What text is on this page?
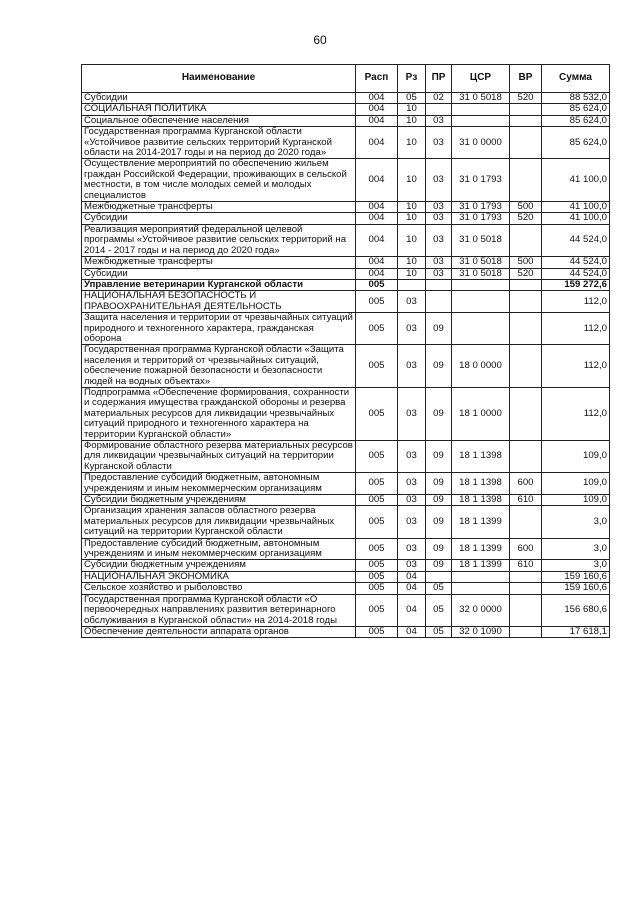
60
Наименование	Расп	Рз	ПР	ЦСР	ВР	Сумма
Субсидии	004	05	02	31 0 5018	520	88 532,0
СОЦИАЛЬНАЯ ПОЛИТИКА	004	10				85 624,0
Социальное обеспечение населения	004	10	03			85 624,0
Государственная программа Курганской области «Устойчивое развитие сельских территорий Курганской области на 2014-2017 годы и на период до 2020 года»	004	10	03	31 0 0000		85 624,0
Осуществление мероприятий по обеспечению жильем граждан Российской Федерации, проживающих в сельской местности, в том числе молодых семей и молодых специалистов	004	10	03	31 0 1793		41 100,0
Межбюджетные трансферты	004	10	03	31 0 1793	500	41 100,0
Субсидии	004	10	03	31 0 1793	520	41 100,0
Реализация мероприятий федеральной целевой программы «Устойчивое развитие сельских территорий на 2014 - 2017 годы и на период до 2020 года»	004	10	03	31 0 5018		44 524,0
Межбюджетные трансферты	004	10	03	31 0 5018	500	44 524,0
Субсидии	004	10	03	31 0 5018	520	44 524,0
Управление ветеринарии Курганской области	005					159 272,6
НАЦИОНАЛЬНАЯ БЕЗОПАСНОСТЬ И ПРАВООХРАНИТЕЛЬНАЯ ДЕЯТЕЛЬНОСТЬ	005	03				112,0
Защита населения и территории от чрезвычайных ситуаций природного и техногенного характера, гражданская оборона	005	03	09			112,0
Государственная программа Курганской области «Защита населения и территорий от чрезвычайных ситуаций, обеспечение пожарной безопасности и безопасности людей на водных объектах»	005	03	09	18 0 0000		112,0
Подпрограмма «Обеспечение формирования, сохранности и содержания имущества гражданской обороны и резерва материальных ресурсов для ликвидации чрезвычайных ситуаций природного и техногенного характера на территории Курганской области»	005	03	09	18 1 0000		112,0
Формирование областного резерва материальных ресурсов для ликвидации чрезвычайных ситуаций на территории Курганской области	005	03	09	18 1 1398		109,0
Предоставление субсидий бюджетным, автономным учреждениям и иным некоммерческим организациям	005	03	09	18 1 1398	600	109,0
Субсидии бюджетным учреждениям	005	03	09	18 1 1398	610	109,0
Организация хранения запасов областного резерва материальных ресурсов для ликвидации чрезвычайных ситуаций на территории Курганской области	005	03	09	18 1 1399		3,0
Предоставление субсидий бюджетным, автономным учреждениям и иным некоммерческим организациям	005	03	09	18 1 1399	600	3,0
Субсидии бюджетным учреждениям	005	03	09	18 1 1399	610	3,0
НАЦИОНАЛЬНАЯ ЭКОНОМИКА	005	04				159 160,6
Сельское хозяйство и рыболовство	005	04	05			159 160,6
Государственная программа Курганской области «О первоочередных направлениях развития ветеринарного обслуживания в Курганской области» на 2014-2018 годы	005	04	05	32 0 0000		156 680,6
Обеспечение деятельности аппарата органов	005	04	05	32 0 1090		17 618,1
